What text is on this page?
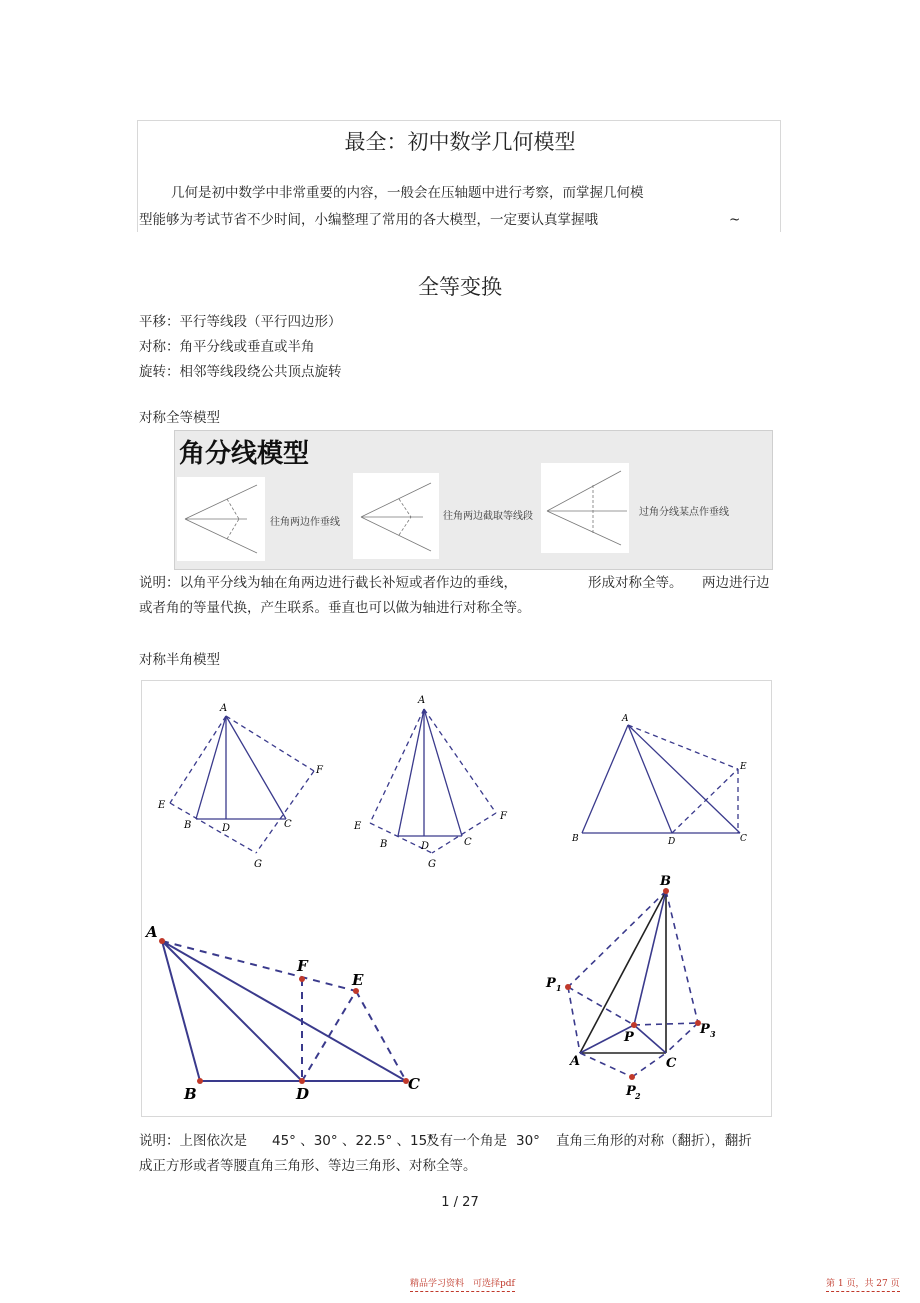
最全：初中数学几何模型
几何是初中数学中非常重要的内容，一般会在压轴题中进行考察，而掌握几何模
型能够为考试节省不少时间，小编整理了常用的各大模型，一定要认真掌握哦	~
全等变换
平移：平行等线段（平行四边形）
对称：角平分线或垂直或半角
旋转：相邻等线段绕公共顶点旋转
对称全等模型
角分线模型
往角两边作垂线
往角两边截取等线段	过角分线某点作垂线
说明：以角平分线为轴在角两边进行截长补短或者作边的垂线，	形成对称全等。 两边进行边
或者角的等量代换，产生联系。垂直也可以做为轴进行对称全等。
对称半角模型
A
E
F
B	D	C
G
A
E
F
B	D	C
G
A
E
B	D	C
A
B	D
C
F
E
B
P 1
P
P 3
A	C
P 2
说明：上图依次是 45° 、30° 、22.5° 、15°
及有一个角是 30° 直角三角形的对称（翻折），翻折
成正方形或者等腰直角三角形、等边三角形、对称全等。
1 / 27
精品学习资料　可选择pdf	第 1 页，共 27 页
